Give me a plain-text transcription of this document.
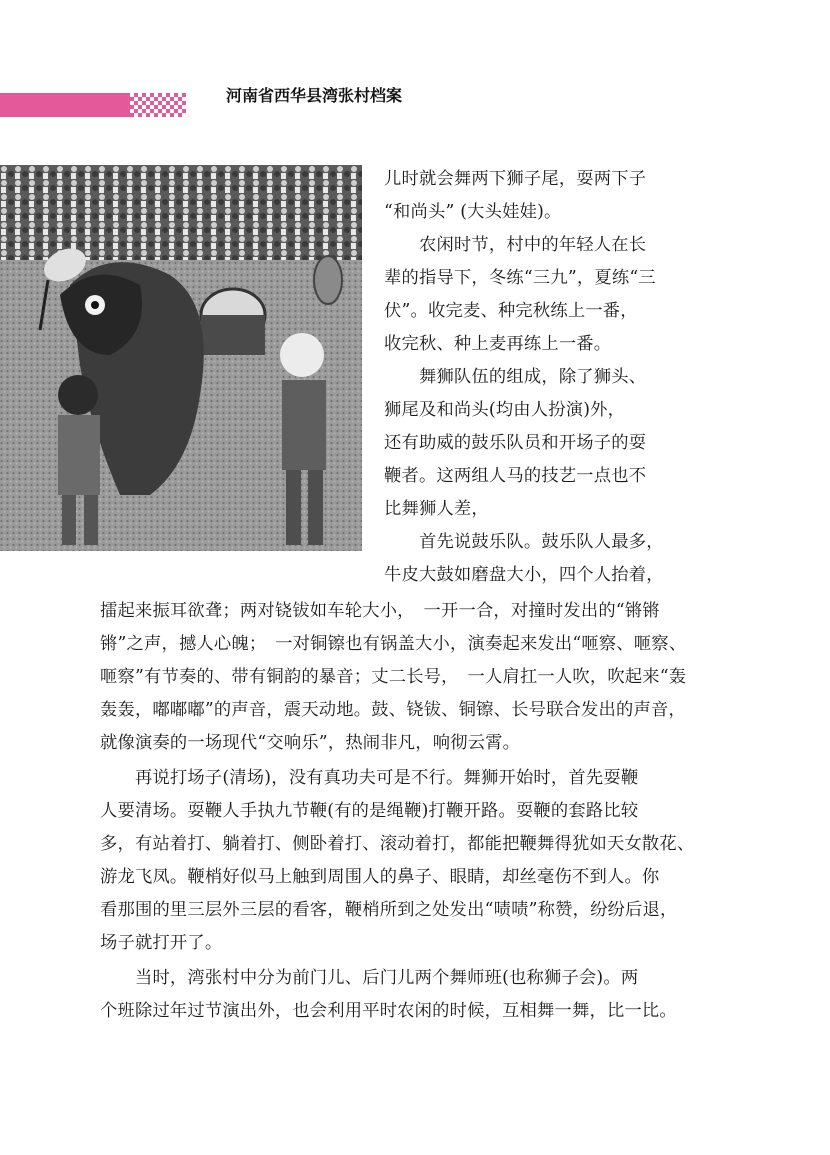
河南省西华县湾张村档案

儿时就会舞两下狮子尾，耍两下子

“和尚头” (大头娃娃)。

　　农闲时节，村中的年轻人在长

辈的指导下，冬练“三九”，夏练“三

伏”。收完麦、种完秋练上一番，

收完秋、种上麦再练上一番。

　　舞狮队伍的组成，除了狮头、

狮尾及和尚头(均由人扮演)外，

还有助威的鼓乐队员和开场子的耍

鞭者。这两组人马的技艺一点也不

比舞狮人差，

　　首先说鼓乐队。鼓乐队人最多，

牛皮大鼓如磨盘大小，四个人抬着，

擂起来振耳欲聋；两对铙钹如车轮大小，　一开一合，对撞时发出的“锵锵

锵”之声，撼人心魄；　一对铜镲也有锅盖大小，演奏起来发出“咂察、咂察、

咂察”有节奏的、带有铜韵的暴音；丈二长号，　一人肩扛一人吹，吹起来“轰

轰轰，嘟嘟嘟”的声音，震天动地。鼓、铙钹、铜镲、长号联合发出的声音，

就像演奏的一场现代“交响乐”，热闹非凡，响彻云霄。

　　再说打场子(清场)，没有真功夫可是不行。舞狮开始时，首先耍鞭

人要清场。耍鞭人手执九节鞭(有的是绳鞭)打鞭开路。耍鞭的套路比较

多，有站着打、躺着打、侧卧着打、滚动着打，都能把鞭舞得犹如天女散花、

游龙飞凤。鞭梢好似马上触到周围人的鼻子、眼睛，却丝毫伤不到人。你

看那围的里三层外三层的看客，鞭梢所到之处发出“啧啧”称赞，纷纷后退，

场子就打开了。

　　当时，湾张村中分为前门儿、后门儿两个舞师班(也称狮子会)。两

个班除过年过节演出外，也会利用平时农闲的时候，互相舞一舞，比一比。
